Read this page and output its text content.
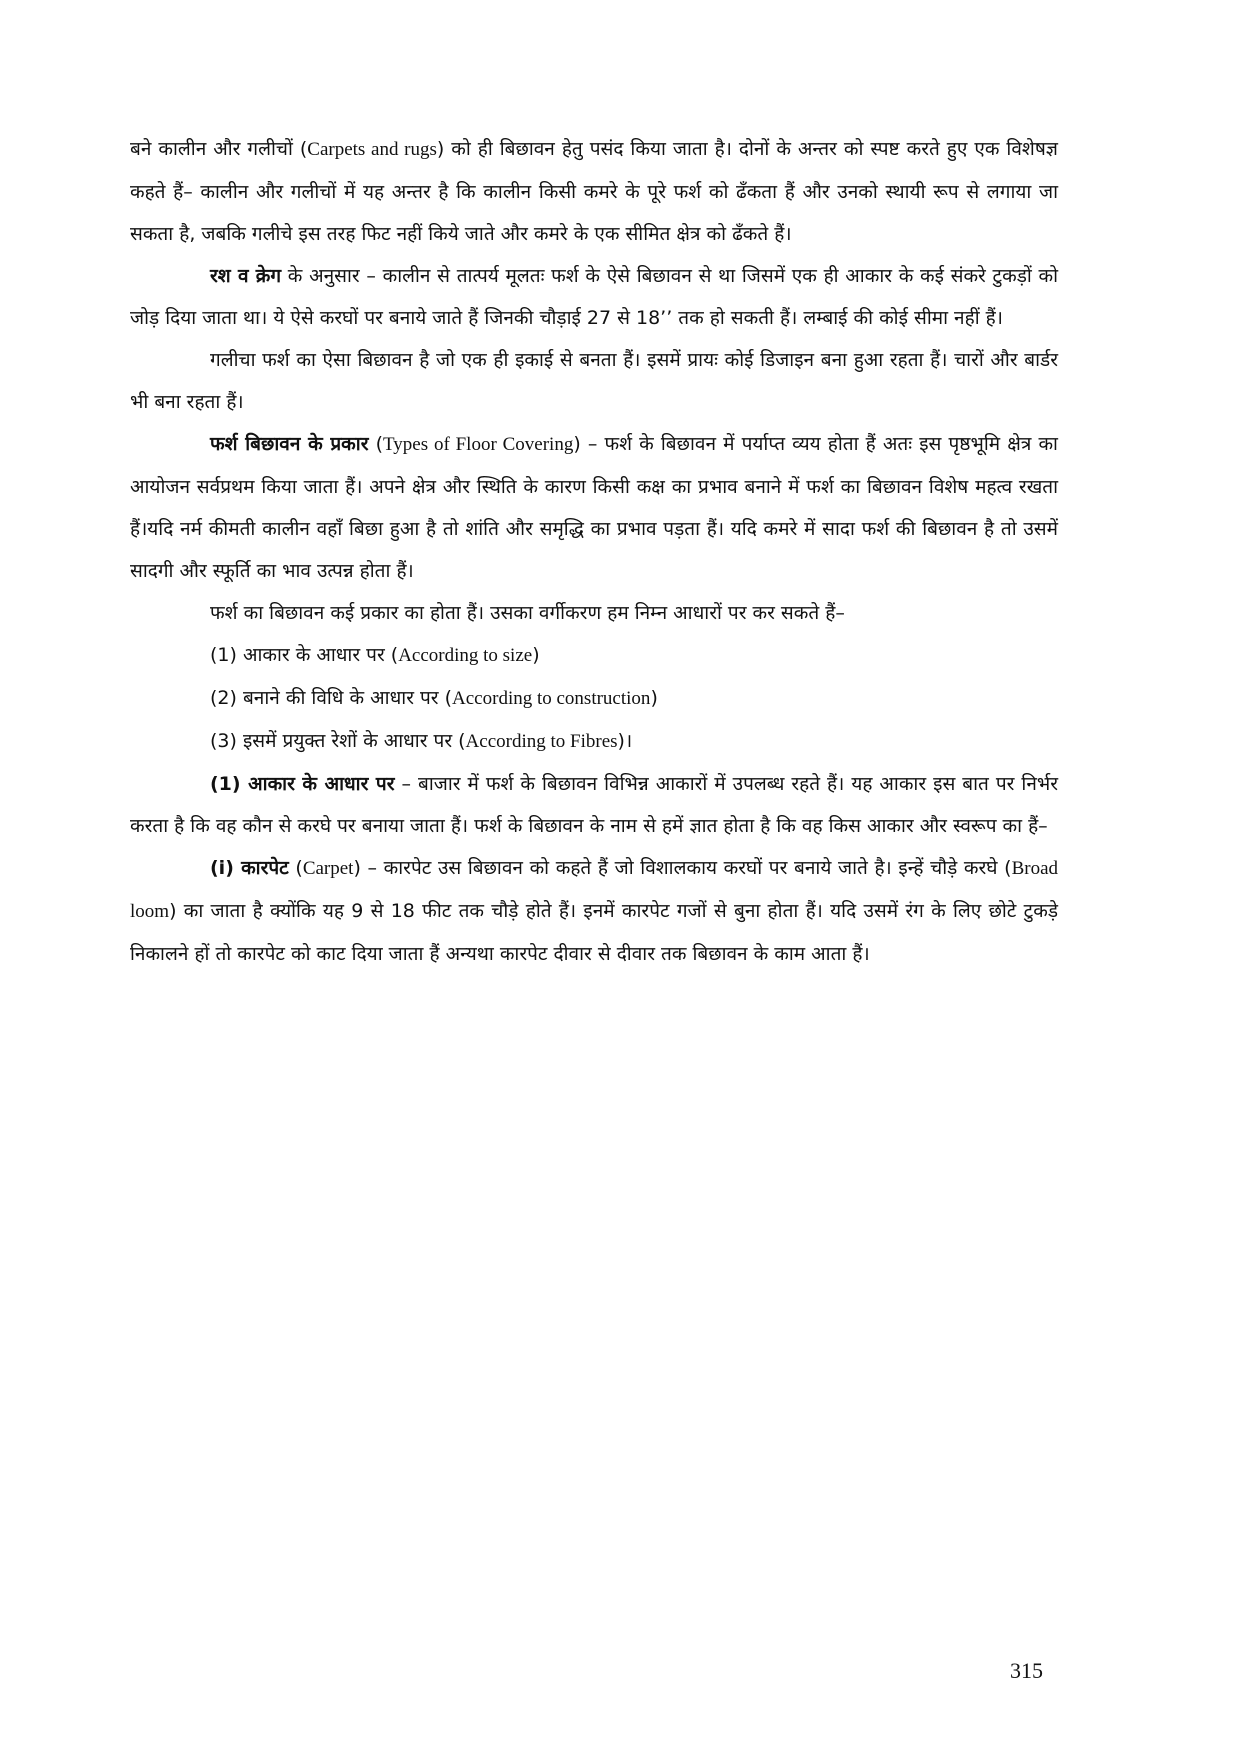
बने कालीन और गलीचों (Carpets and rugs) को ही बिछावन हेतु पसंद किया जाता है। दोनों के अन्तर को स्पष्ट करते हुए एक विशेषज्ञ कहते हैं– कालीन और गलीचों में यह अन्तर है कि कालीन किसी कमरे के पूरे फर्श को ढँकता हैं और उनको स्थायी रूप से लगाया जा सकता है, जबकि गलीचे इस तरह फिट नहीं किये जाते और कमरे के एक सीमित क्षेत्र को ढँकते हैं।

रश व क्रेग के अनुसार – कालीन से तात्पर्य मूलतः फर्श के ऐसे बिछावन से था जिसमें एक ही आकार के कई संकरे टुकड़ों को जोड़ दिया जाता था। ये ऐसे करघों पर बनाये जाते हैं जिनकी चौड़ाई 27 से 18’’ तक हो सकती हैं। लम्बाई की कोई सीमा नहीं हैं।

गलीचा फर्श का ऐसा बिछावन है जो एक ही इकाई से बनता हैं। इसमें प्रायः कोई डिजाइन बना हुआ रहता हैं। चारों और बार्डर भी बना रहता हैं।

फर्श बिछावन के प्रकार (Types of Floor Covering) – फर्श के बिछावन में पर्याप्त व्यय होता हैं अतः इस पृष्ठभूमि क्षेत्र का आयोजन सर्वप्रथम किया जाता हैं। अपने क्षेत्र और स्थिति के कारण किसी कक्ष का प्रभाव बनाने में फर्श का बिछावन विशेष महत्व रखता हैं।यदि नर्म कीमती कालीन वहाँ बिछा हुआ है तो शांति और समृद्धि का प्रभाव पड़ता हैं। यदि कमरे में सादा फर्श की बिछावन है तो उसमें सादगी और स्फूर्ति का भाव उत्पन्न होता हैं।

फर्श का बिछावन कई प्रकार का होता हैं। उसका वर्गीकरण हम निम्न आधारों पर कर सकते हैं–

(1) आकार के आधार पर (According to size)

(2) बनाने की विधि के आधार पर (According to construction)

(3) इसमें प्रयुक्त रेशों के आधार पर (According to Fibres)।

(1) आकार के आधार पर – बाजार में फर्श के बिछावन विभिन्न आकारों में उपलब्ध रहते हैं। यह आकार इस बात पर निर्भर करता है कि वह कौन से करघे पर बनाया जाता हैं। फर्श के बिछावन के नाम से हमें ज्ञात होता है कि वह किस आकार और स्वरूप का हैं–

(i) कारपेट (Carpet) – कारपेट उस बिछावन को कहते हैं जो विशालकाय करघों पर बनाये जाते है। इन्हें चौड़े करघे (Broad loom) का जाता है क्योंकि यह 9 से 18 फीट तक चौड़े होते हैं। इनमें कारपेट गजों से बुना होता हैं। यदि उसमें रंग के लिए छोटे टुकड़े निकालने हों तो कारपेट को काट दिया जाता हैं अन्यथा कारपेट दीवार से दीवार तक बिछावन के काम आता हैं।

315
